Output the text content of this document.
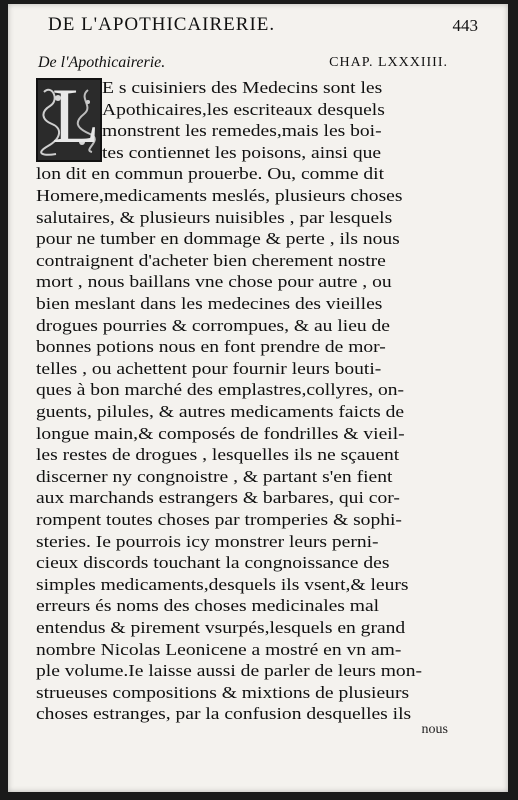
DE L'APOTHICAIRERIE.	443
De l'Apothicairerie.	CHAP. LXXXIIII.
L E s cuisiniers des Medecins sont les
Apothicaires,les escriteaux desquels
monstrent les remedes,mais les boi-
tes contiennet les poisons, ainsi que
lon dit en commun prouerbe. Ou, comme dit
Homere,medicaments meslés, plusieurs choses
salutaires, & plusieurs nuisibles , par lesquels
pour ne tumber en dommage & perte , ils nous
contraignent d'acheter bien cherement nostre
mort , nous baillans vne chose pour autre , ou
bien meslant dans les medecines des vieilles
drogues pourries & corrompues, & au lieu de
bonnes potions nous en font prendre de mor-
telles , ou achettent pour fournir leurs bouti-
ques à bon marché des emplastres,collyres, on-
guents, pilules, & autres medicaments faicts de
longue main,& composés de fondrilles & vieil-
les restes de drogues , lesquelles ils ne sçauent
discerner ny congnoistre , & partant s'en fient
aux marchands estrangers & barbares, qui cor-
rompent toutes choses par tromperies & sophi-
steries. Ie pourrois icy monstrer leurs perni-
cieux discords touchant la congnoissance des
simples medicaments,desquels ils vsent,& leurs
erreurs és noms des choses medicinales mal
entendus & pirement vsurpés,lesquels en grand
nombre Nicolas Leonicene a mostré en vn am-
ple volume.Ie laisse aussi de parler de leurs mon-
strueuses compositions & mixtions de plusieurs
choses estranges, par la confusion desquelles ils
nous
